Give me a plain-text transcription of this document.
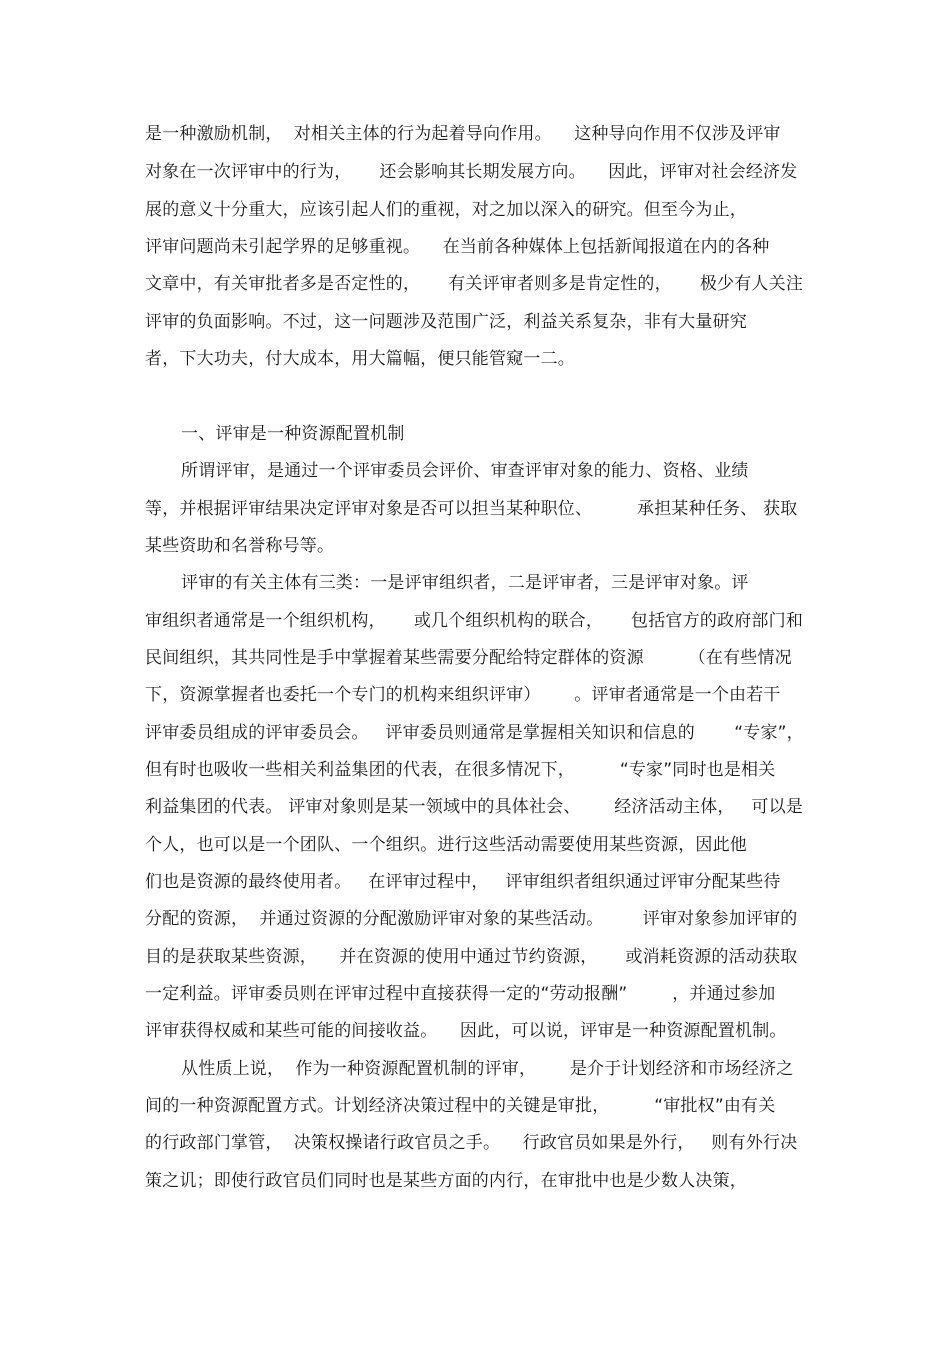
是一种激励机制，  对相关主体的行为起着导向作用。    这种导向作用不仅涉及评审
对象在一次评审中的行为，     还会影响其长期发展方向。    因此，评审对社会经济发
展的意义十分重大，应该引起人们的重视，对之加以深入的研究。但至今为止，
评审问题尚未引起学界的足够重视。    在当前各种媒体上包括新闻报道在内的各种
文章中，有关审批者多是否定性的，     有关评审者则多是肯定性的，     极少有人关注
评审的负面影响。不过，这一问题涉及范围广泛，利益关系复杂，非有大量研究
者，下大功夫，付大成本，用大篇幅，便只能管窥一二。
一、评审是一种资源配置机制
所谓评审，是通过一个评审委员会评价、审查评审对象的能力、资格、业绩
等，并根据评审结果决定评审对象是否可以担当某种职位、        承担某种任务、 获取
某些资助和名誉称号等。
评审的有关主体有三类：一是评审组织者，二是评审者，三是评审对象。评
审组织者通常是一个组织机构，     或几个组织机构的联合，     包括官方的政府部门和
民间组织，其共同性是手中掌握着某些需要分配给特定群体的资源        （在有些情况
下，资源掌握者也委托一个专门的机构来组织评审）      。评审者通常是一个由若干
评审委员组成的评审委员会。   评审委员则通常是掌握相关知识和信息的       “专家”，
但有时也吸收一些相关利益集团的代表，在很多情况下，        “专家”同时也是相关
利益集团的代表。 评审对象则是某一领域中的具体社会、      经济活动主体，   可以是
个人，也可以是一个团队、一个组织。进行这些活动需要使用某些资源，因此他
们也是资源的最终使用者。   在评审过程中，   评审组织者组织通过评审分配某些待
分配的资源，  并通过资源的分配激励评审对象的某些活动。       评审对象参加评审的
目的是获取某些资源，    并在资源的使用中通过节约资源，     或消耗资源的活动获取
一定利益。评审委员则在评审过程中直接获得一定的“劳动报酬”        ，并通过参加
评审获得权威和某些可能的间接收益。    因此，可以说，评审是一种资源配置机制。
从性质上说，  作为一种资源配置机制的评审，      是介于计划经济和市场经济之
间的一种资源配置方式。计划经济决策过程中的关键是审批，        “审批权”由有关
的行政部门掌管，  决策权操诸行政官员之手。    行政官员如果是外行，   则有外行决
策之讥；即使行政官员们同时也是某些方面的内行，在审批中也是少数人决策，
